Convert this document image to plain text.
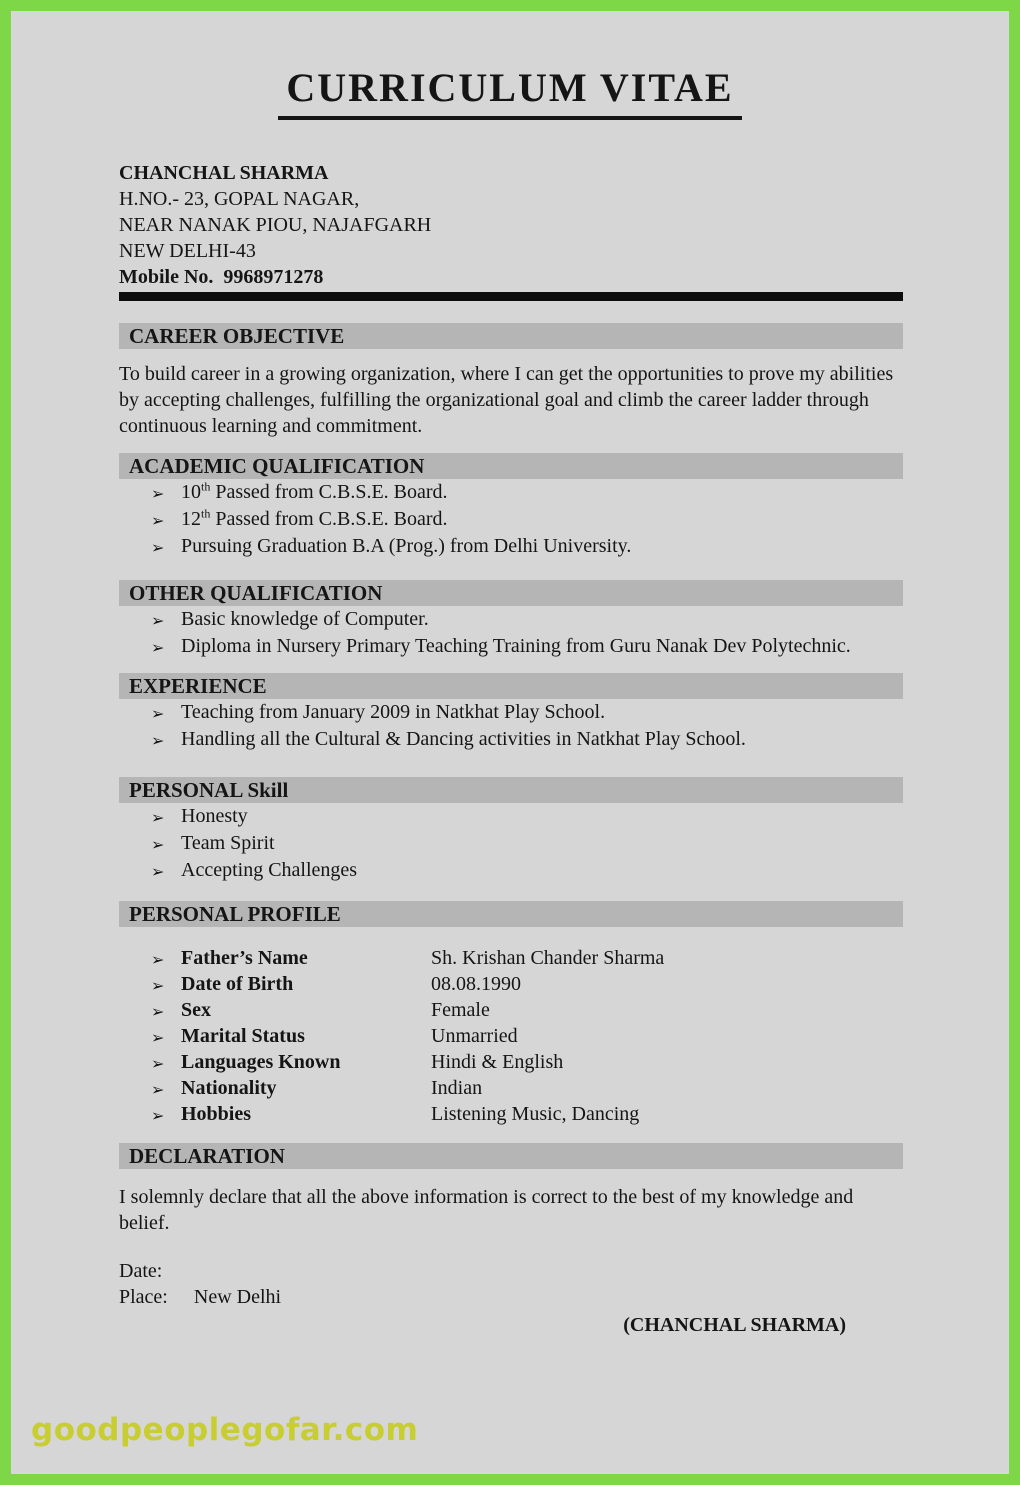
CURRICULUM VITAE
CHANCHAL SHARMA
H.NO.- 23, GOPAL NAGAR,
NEAR NANAK PIOU, NAJAFGARH
NEW DELHI-43
Mobile No.  9968971278
CAREER OBJECTIVE

To build career in a growing organization, where I can get the opportunities to prove my abilities by accepting challenges, fulfilling the organizational goal and climb the career ladder through continuous learning and commitment.

ACADEMIC QUALIFICATION
➢ 10th Passed from C.B.S.E. Board.
➢ 12th Passed from C.B.S.E. Board.
➢ Pursuing Graduation B.A (Prog.) from Delhi University.
OTHER QUALIFICATION
➢ Basic knowledge of Computer.
➢ Diploma in Nursery Primary Teaching Training from Guru Nanak Dev Polytechnic.
EXPERIENCE
➢ Teaching from January 2009 in Natkhat Play School.
➢ Handling all the Cultural & Dancing activities in Natkhat Play School.
PERSONAL Skill
➢ Honesty
➢ Team Spirit
➢ Accepting Challenges
PERSONAL PROFILE
➢ Father’s Name	Sh. Krishan Chander Sharma
➢ Date of Birth	08.08.1990
➢ Sex	Female
➢ Marital Status	Unmarried
➢ Languages Known	Hindi & English
➢ Nationality	Indian
➢ Hobbies	Listening Music, Dancing
DECLARATION

I solemnly declare that all the above information is correct to the best of my knowledge and belief.

Date:
Place: New Delhi
(CHANCHAL SHARMA)
goodpeoplegofar.com
